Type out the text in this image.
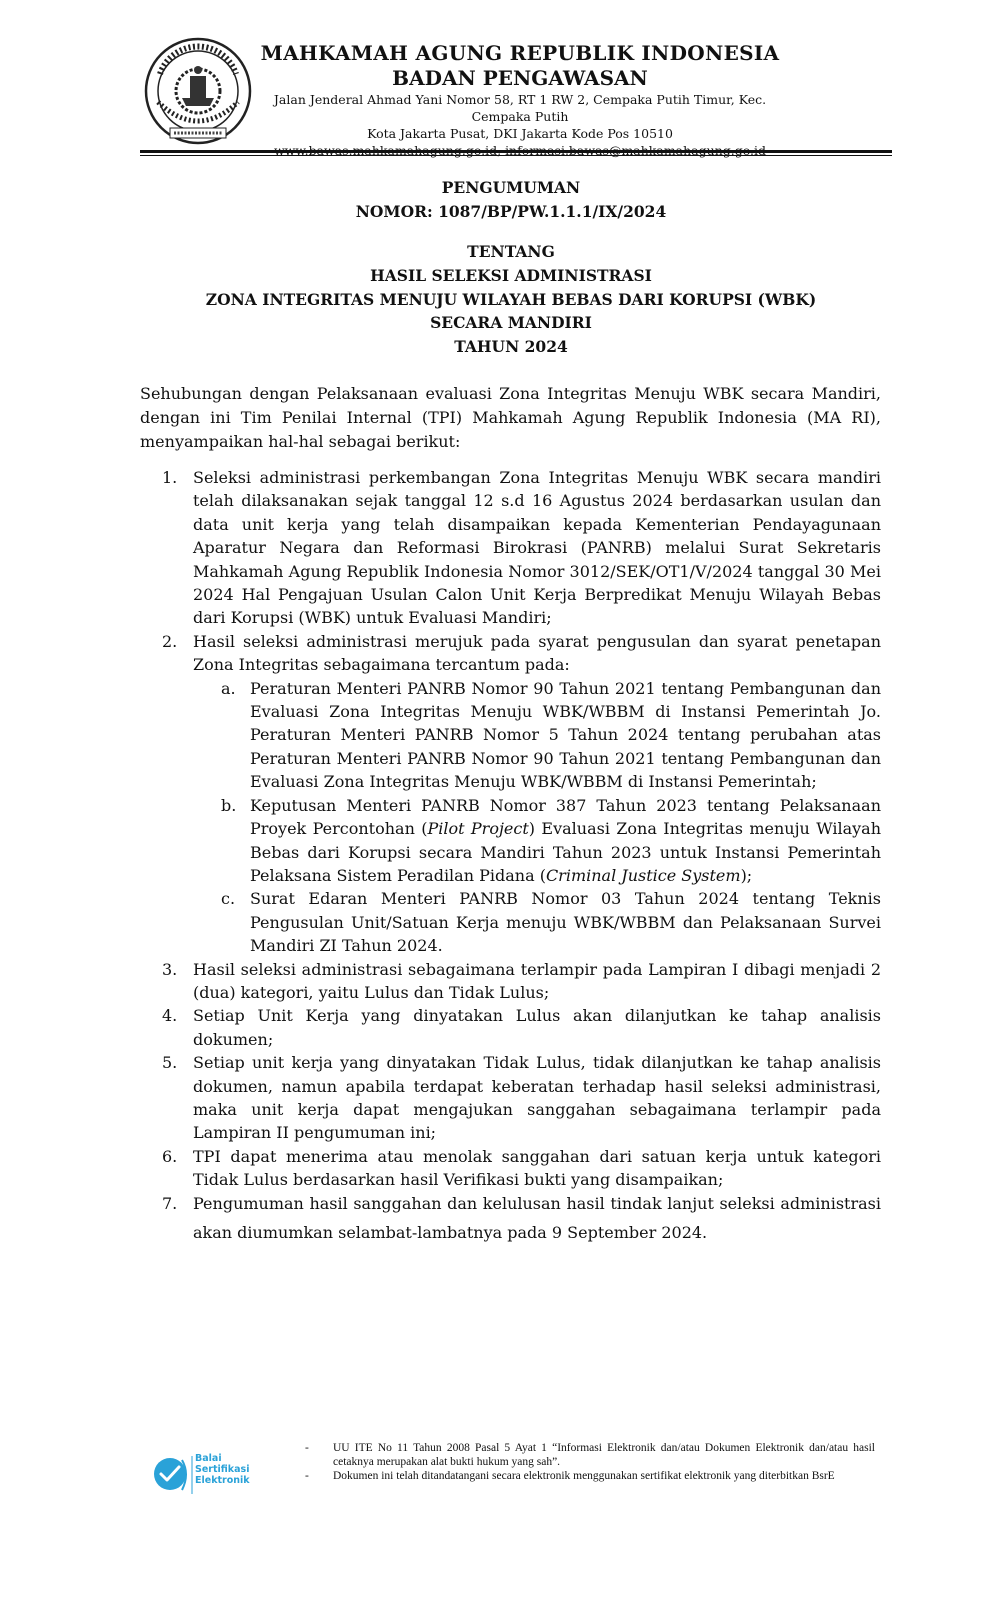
MAHKAMAH AGUNG REPUBLIK INDONESIA
BADAN PENGAWASAN
Jalan Jenderal Ahmad Yani Nomor 58, RT 1 RW 2, Cempaka Putih Timur, Kec. Cempaka Putih
Kota Jakarta Pusat, DKI Jakarta Kode Pos 10510
www.bawas.mahkamahagung.go.id, informasi.bawas@mahkamahagung.go.id
PENGUMUMAN
NOMOR: 1087/BP/PW.1.1.1/IX/2024
TENTANG
HASIL SELEKSI ADMINISTRASI
ZONA INTEGRITAS MENUJU WILAYAH BEBAS DARI KORUPSI (WBK)
SECARA MANDIRI
TAHUN 2024
Sehubungan dengan Pelaksanaan evaluasi Zona Integritas Menuju WBK secara Mandiri, dengan ini Tim Penilai Internal (TPI) Mahkamah Agung Republik Indonesia (MA RI), menyampaikan hal-hal sebagai berikut:
1. Seleksi administrasi perkembangan Zona Integritas Menuju WBK secara mandiri telah dilaksanakan sejak tanggal 12 s.d 16 Agustus 2024 berdasarkan usulan dan data unit kerja yang telah disampaikan kepada Kementerian Pendayagunaan Aparatur Negara dan Reformasi Birokrasi (PANRB) melalui Surat Sekretaris Mahkamah Agung Republik Indonesia Nomor 3012/SEK/OT1/V/2024 tanggal 30 Mei 2024 Hal Pengajuan Usulan Calon Unit Kerja Berpredikat Menuju Wilayah Bebas dari Korupsi (WBK) untuk Evaluasi Mandiri;
2. Hasil seleksi administrasi merujuk pada syarat pengusulan dan syarat penetapan Zona Integritas sebagaimana tercantum pada:
a. Peraturan Menteri PANRB Nomor 90 Tahun 2021 tentang Pembangunan dan Evaluasi Zona Integritas Menuju WBK/WBBM di Instansi Pemerintah Jo. Peraturan Menteri PANRB Nomor 5 Tahun 2024 tentang perubahan atas Peraturan Menteri PANRB Nomor 90 Tahun 2021 tentang Pembangunan dan Evaluasi Zona Integritas Menuju WBK/WBBM di Instansi Pemerintah;
b. Keputusan Menteri PANRB Nomor 387 Tahun 2023 tentang Pelaksanaan Proyek Percontohan (Pilot Project) Evaluasi Zona Integritas menuju Wilayah Bebas dari Korupsi secara Mandiri Tahun 2023 untuk Instansi Pemerintah Pelaksana Sistem Peradilan Pidana (Criminal Justice System);
c. Surat Edaran Menteri PANRB Nomor 03 Tahun 2024 tentang Teknis Pengusulan Unit/Satuan Kerja menuju WBK/WBBM dan Pelaksanaan Survei Mandiri ZI Tahun 2024.
3. Hasil seleksi administrasi sebagaimana terlampir pada Lampiran I dibagi menjadi 2 (dua) kategori, yaitu Lulus dan Tidak Lulus;
4. Setiap Unit Kerja yang dinyatakan Lulus akan dilanjutkan ke tahap analisis dokumen;
5. Setiap unit kerja yang dinyatakan Tidak Lulus, tidak dilanjutkan ke tahap analisis dokumen, namun apabila terdapat keberatan terhadap hasil seleksi administrasi, maka unit kerja dapat mengajukan sanggahan sebagaimana terlampir pada Lampiran II pengumuman ini;
6. TPI dapat menerima atau menolak sanggahan dari satuan kerja untuk kategori Tidak Lulus berdasarkan hasil Verifikasi bukti yang disampaikan;
7. Pengumuman hasil sanggahan dan kelulusan hasil tindak lanjut seleksi administrasi akan diumumkan selambat-lambatnya pada 9 September 2024.
Balai
Sertifikasi
Elektronik
- UU ITE No 11 Tahun 2008 Pasal 5 Ayat 1 “Informasi Elektronik dan/atau Dokumen Elektronik dan/atau hasil cetaknya merupakan alat bukti hukum yang sah”.
- Dokumen ini telah ditandatangani secara elektronik menggunakan sertifikat elektronik yang diterbitkan BsrE
